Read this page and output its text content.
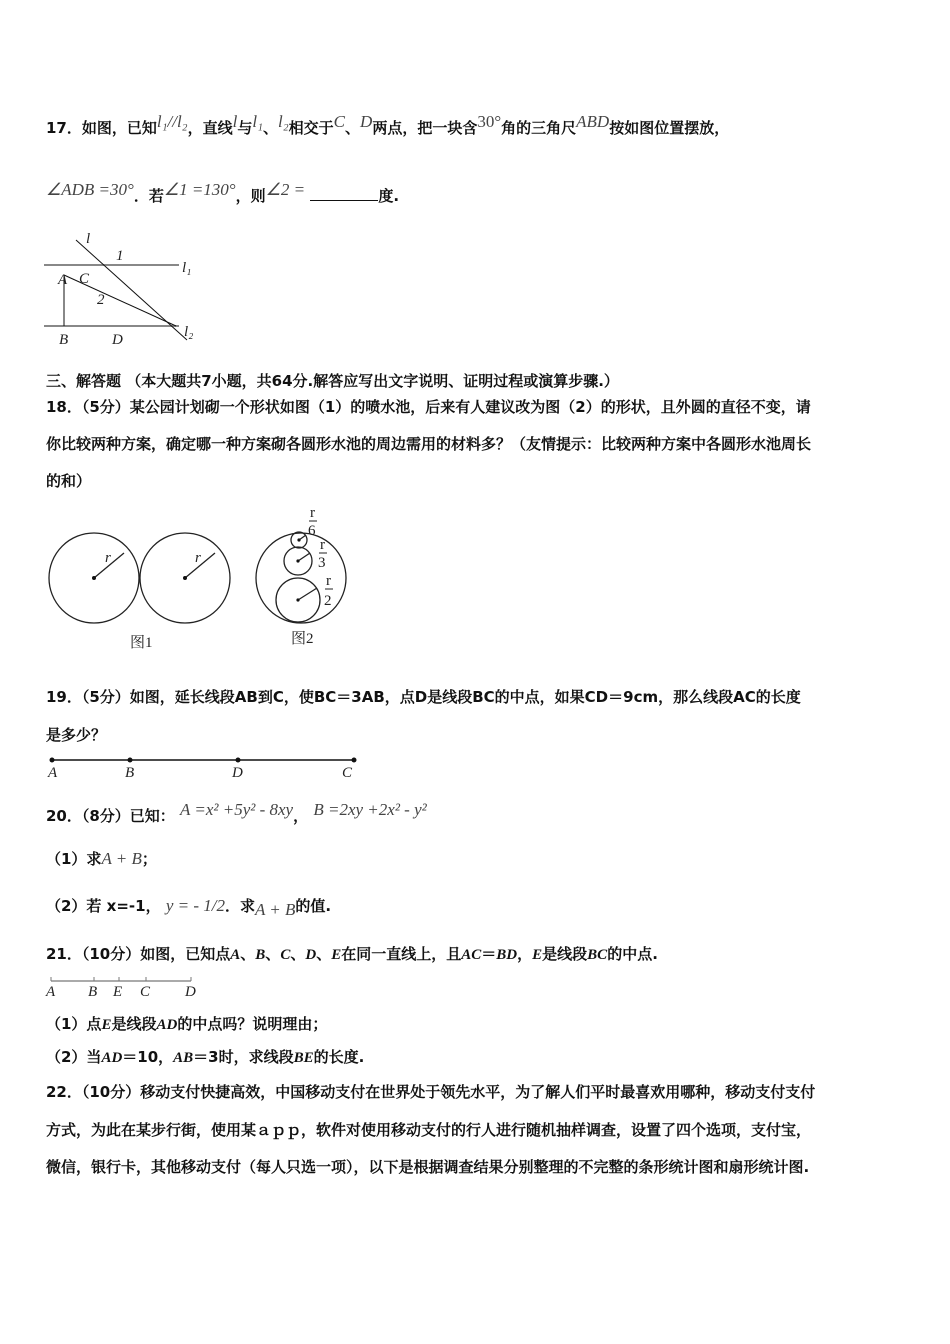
17．如图，已知$^{l_1//l_2}$，直线$^l$与$^{l_1}$、$^{l_2}$相交于$^C$、$^D$两点，把一块含$^{30^\circ}$角的三角尺$^{ABD}$按如图位置摆放，
$^{\angle ADB =30^\circ}$．若$^{\angle 1 =130^\circ}$，则$^{\angle 2 =}$	度.
l
1
l₁
A C
2
B	D	l₂
三、解答题 （本大题共7小题，共64分.解答应写出文字说明、证明过程或演算步骤.）
18．（5分）某公园计划砌一个形状如图（1）的喷水池，后来有人建议改为图（2）的形状，且外圆的直径不变，请
你比较两种方案，确定哪一种方案砌各圆形水池的周边需用的材料多？（友情提示：比较两种方案中各圆形水池周长
的和）
r	r
r
6
r
3
r
2
图1	图2
19．（5分）如图，延长线段AB到C，使BC＝3AB，点D是线段BC的中点，如果CD＝9cm，那么线段AC的长度
是多少？
A	B	D	C
20．（8分）已知： $^{A =x^2 +5y^2 - 8xy}$， $^{B =2xy +2x^2 - y^2}$
（1）求A + B；
（2）若 x=-1， y = - 1/2．求$_{A + B}$的值.
21．（10分）如图，已知点A、B、C、D、E在同一直线上，且AC＝BD，E是线段BC的中点.
A B E C D
（1）点E是线段AD的中点吗？说明理由；
（2）当AD＝10，AB＝3时，求线段BE的长度.
22．（10分）移动支付快捷高效，中国移动支付在世界处于领先水平，为了解人们平时最喜欢用哪种，移动支付支付
方式，为此在某步行街，使用某ａｐｐ，软件对使用移动支付的行人进行随机抽样调查，设置了四个选项，支付宝，
微信，银行卡，其他移动支付（每人只选一项），以下是根据调查结果分别整理的不完整的条形统计图和扇形统计图.
